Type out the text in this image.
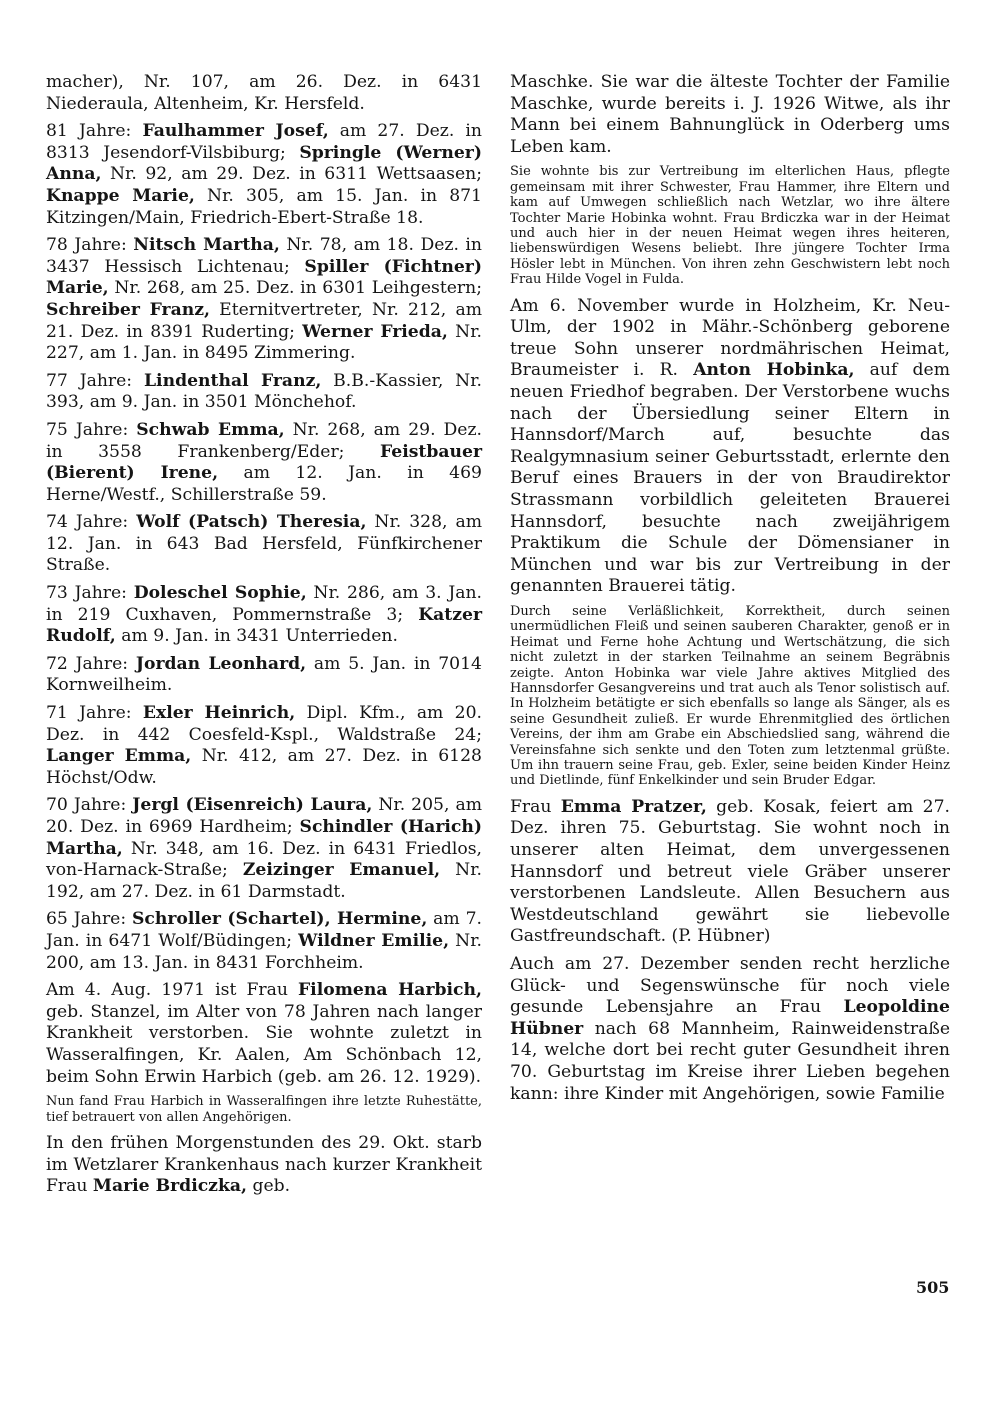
macher), Nr. 107, am 26. Dez. in 6431 Niederaula, Altenheim, Kr. Hersfeld.

81 Jahre: Faulhammer Josef, am 27. Dez. in 8313 Jesendorf-Vilsbiburg; Springle (Werner) Anna, Nr. 92, am 29. Dez. in 6311 Wettsaasen; Knappe Marie, Nr. 305, am 15. Jan. in 871 Kitzingen/Main, Friedrich-Ebert-Straße 18.

78 Jahre: Nitsch Martha, Nr. 78, am 18. Dez. in 3437 Hessisch Lichtenau; Spiller (Fichtner) Marie, Nr. 268, am 25. Dez. in 6301 Leihgestern; Schreiber Franz, Eternitvertreter, Nr. 212, am 21. Dez. in 8391 Ruderting; Werner Frieda, Nr. 227, am 1. Jan. in 8495 Zimmering.

77 Jahre: Lindenthal Franz, B.B.-Kassier, Nr. 393, am 9. Jan. in 3501 Mönchehof.

75 Jahre: Schwab Emma, Nr. 268, am 29. Dez. in 3558 Frankenberg/Eder; Feistbauer (Bierent) Irene, am 12. Jan. in 469 Herne/Westf., Schillerstraße 59.

74 Jahre: Wolf (Patsch) Theresia, Nr. 328, am 12. Jan. in 643 Bad Hersfeld, Fünfkirchener Straße.

73 Jahre: Doleschel Sophie, Nr. 286, am 3. Jan. in 219 Cuxhaven, Pommernstraße 3; Katzer Rudolf, am 9. Jan. in 3431 Unterrieden.

72 Jahre: Jordan Leonhard, am 5. Jan. in 7014 Kornweilheim.

71 Jahre: Exler Heinrich, Dipl. Kfm., am 20. Dez. in 442 Coesfeld-Kspl., Waldstraße 24; Langer Emma, Nr. 412, am 27. Dez. in 6128 Höchst/Odw.

70 Jahre: Jergl (Eisenreich) Laura, Nr. 205, am 20. Dez. in 6969 Hardheim; Schindler (Harich) Martha, Nr. 348, am 16. Dez. in 6431 Friedlos, von-Harnack-Straße; Zeizinger Emanuel, Nr. 192, am 27. Dez. in 61 Darmstadt.

65 Jahre: Schroller (Schartel), Hermine, am 7. Jan. in 6471 Wolf/Büdingen; Wildner Emilie, Nr. 200, am 13. Jan. in 8431 Forchheim.

Am 4. Aug. 1971 ist Frau Filomena Harbich, geb. Stanzel, im Alter von 78 Jahren nach langer Krankheit verstorben. Sie wohnte zuletzt in Wasseralfingen, Kr. Aalen, Am Schönbach 12, beim Sohn Erwin Harbich (geb. am 26. 12. 1929).

Nun fand Frau Harbich in Wasseralfingen ihre letzte Ruhestätte, tief betrauert von allen Angehörigen.

In den frühen Morgenstunden des 29. Okt. starb im Wetzlarer Krankenhaus nach kurzer Krankheit Frau Marie Brdiczka, geb.

Maschke. Sie war die älteste Tochter der Familie Maschke, wurde bereits i. J. 1926 Witwe, als ihr Mann bei einem Bahnunglück in Oderberg ums Leben kam.

Sie wohnte bis zur Vertreibung im elterlichen Haus, pflegte gemeinsam mit ihrer Schwester, Frau Hammer, ihre Eltern und kam auf Umwegen schließlich nach Wetzlar, wo ihre ältere Tochter Marie Hobinka wohnt. Frau Brdiczka war in der Heimat und auch hier in der neuen Heimat wegen ihres heiteren, liebenswürdigen Wesens beliebt. Ihre jüngere Tochter Irma Hösler lebt in München. Von ihren zehn Geschwistern lebt noch Frau Hilde Vogel in Fulda.

Am 6. November wurde in Holzheim, Kr. Neu-Ulm, der 1902 in Mähr.-Schönberg geborene treue Sohn unserer nordmährischen Heimat, Braumeister i. R. Anton Hobinka, auf dem neuen Friedhof begraben. Der Verstorbene wuchs nach der Übersiedlung seiner Eltern in Hannsdorf/March auf, besuchte das Realgymnasium seiner Geburtsstadt, erlernte den Beruf eines Brauers in der von Braudirektor Strassmann vorbildlich geleiteten Brauerei Hannsdorf, besuchte nach zweijährigem Praktikum die Schule der Dömensianer in München und war bis zur Vertreibung in der genannten Brauerei tätig.

Durch seine Verläßlichkeit, Korrektheit, durch seinen unermüdlichen Fleiß und seinen sauberen Charakter, genoß er in Heimat und Ferne hohe Achtung und Wertschätzung, die sich nicht zuletzt in der starken Teilnahme an seinem Begräbnis zeigte. Anton Hobinka war viele Jahre aktives Mitglied des Hannsdorfer Gesangvereins und trat auch als Tenor solistisch auf. In Holzheim betätigte er sich ebenfalls so lange als Sänger, als es seine Gesundheit zuließ. Er wurde Ehrenmitglied des örtlichen Vereins, der ihm am Grabe ein Abschiedslied sang, während die Vereinsfahne sich senkte und den Toten zum letztenmal grüßte. Um ihn trauern seine Frau, geb. Exler, seine beiden Kinder Heinz und Dietlinde, fünf Enkelkinder und sein Bruder Edgar.

Frau Emma Pratzer, geb. Kosak, feiert am 27. Dez. ihren 75. Geburtstag. Sie wohnt noch in unserer alten Heimat, dem unvergessenen Hannsdorf und betreut viele Gräber unserer verstorbenen Landsleute. Allen Besuchern aus Westdeutschland gewährt sie liebevolle Gastfreundschaft. (P. Hübner)

Auch am 27. Dezember senden recht herzliche Glück- und Segenswünsche für noch viele gesunde Lebensjahre an Frau Leopoldine Hübner nach 68 Mannheim, Rainweidenstraße 14, welche dort bei recht guter Gesundheit ihren 70. Geburtstag im Kreise ihrer Lieben begehen kann: ihre Kinder mit Angehörigen, sowie Familie

505
